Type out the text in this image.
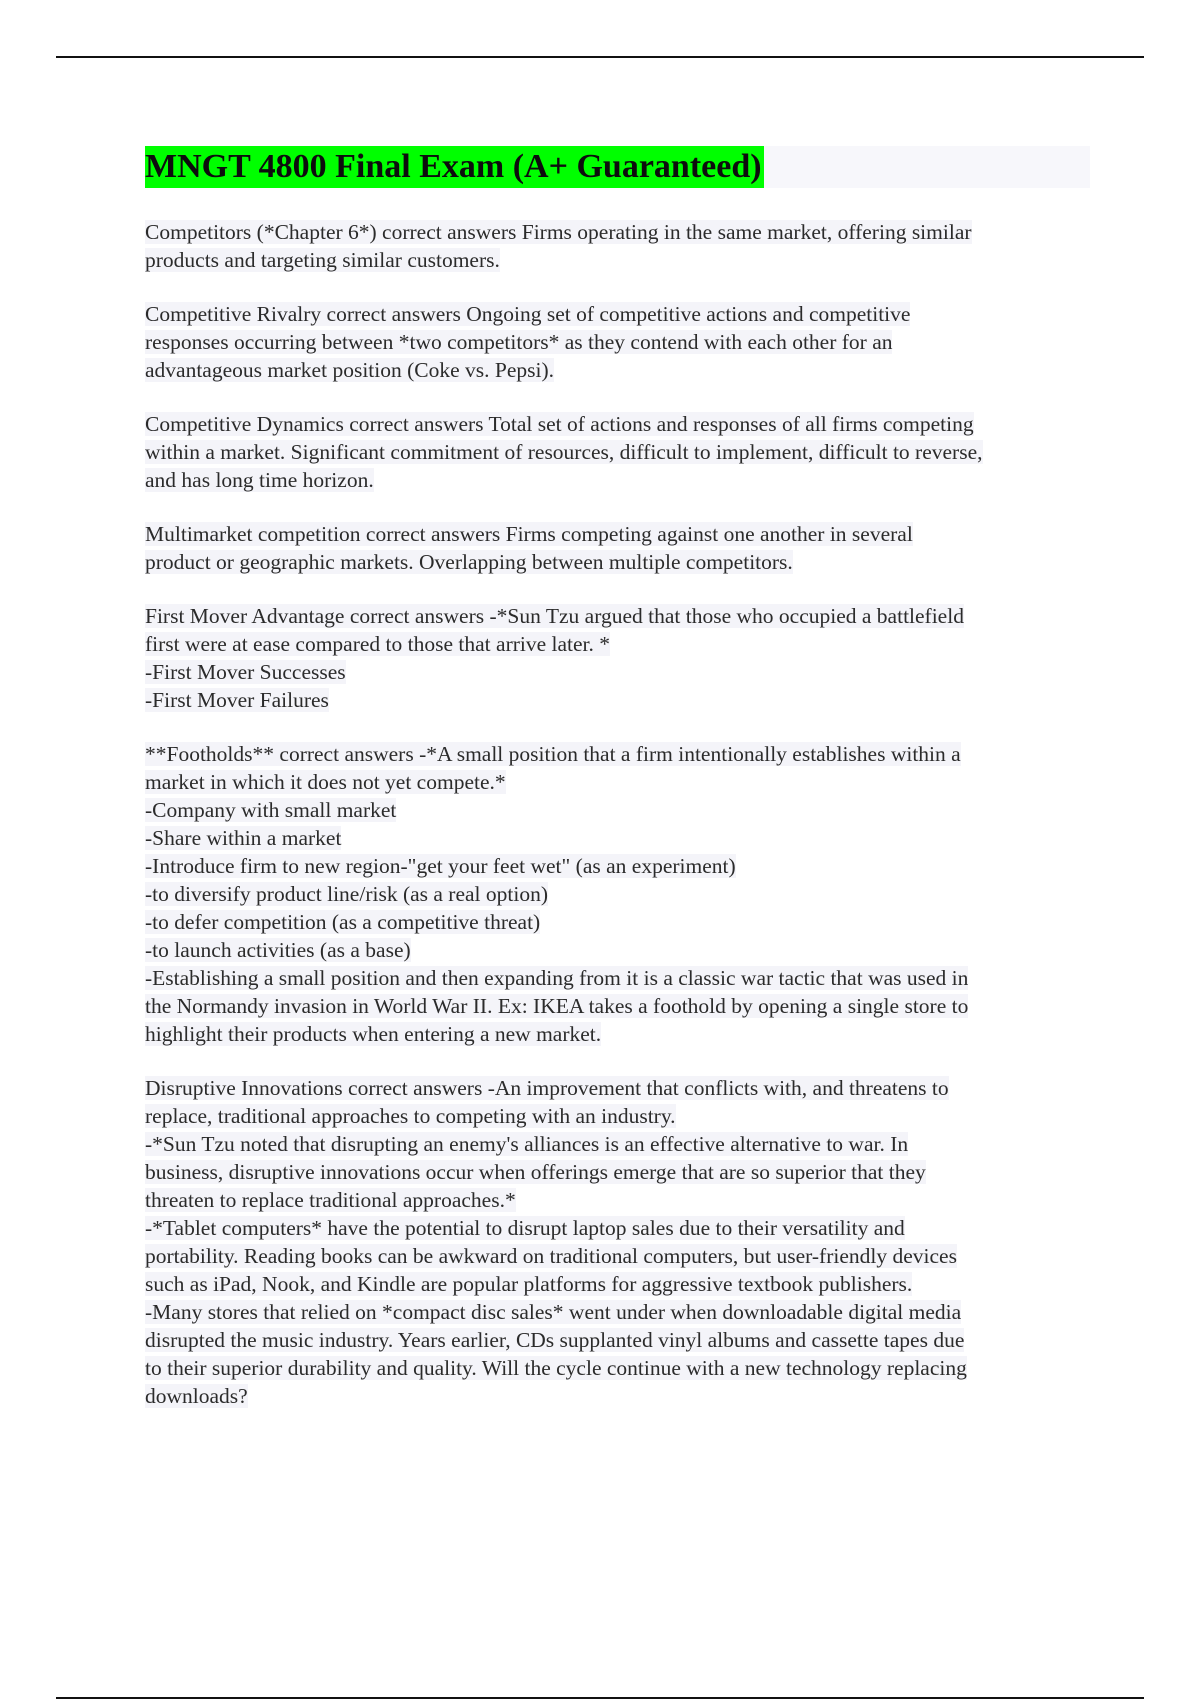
MNGT 4800 Final Exam (A+ Guaranteed)
Competitors (*Chapter 6*) correct answers Firms operating in the same market, offering similar
products and targeting similar customers.
Competitive Rivalry correct answers Ongoing set of competitive actions and competitive
responses occurring between *two competitors* as they contend with each other for an
advantageous market position (Coke vs. Pepsi).
Competitive Dynamics correct answers Total set of actions and responses of all firms competing
within a market. Significant commitment of resources, difficult to implement, difficult to reverse,
and has long time horizon.
Multimarket competition correct answers Firms competing against one another in several
product or geographic markets. Overlapping between multiple competitors.
First Mover Advantage correct answers -*Sun Tzu argued that those who occupied a battlefield
first were at ease compared to those that arrive later. *
-First Mover Successes
-First Mover Failures
**Footholds** correct answers -*A small position that a firm intentionally establishes within a
market in which it does not yet compete.*
-Company with small market
-Share within a market
-Introduce firm to new region-"get your feet wet" (as an experiment)
-to diversify product line/risk (as a real option)
-to defer competition (as a competitive threat)
-to launch activities (as a base)
-Establishing a small position and then expanding from it is a classic war tactic that was used in
the Normandy invasion in World War II. Ex: IKEA takes a foothold by opening a single store to
highlight their products when entering a new market.
Disruptive Innovations correct answers -An improvement that conflicts with, and threatens to
replace, traditional approaches to competing with an industry.
-*Sun Tzu noted that disrupting an enemy's alliances is an effective alternative to war. In
business, disruptive innovations occur when offerings emerge that are so superior that they
threaten to replace traditional approaches.*
-*Tablet computers* have the potential to disrupt laptop sales due to their versatility and
portability. Reading books can be awkward on traditional computers, but user-friendly devices
such as iPad, Nook, and Kindle are popular platforms for aggressive textbook publishers.
-Many stores that relied on *compact disc sales* went under when downloadable digital media
disrupted the music industry. Years earlier, CDs supplanted vinyl albums and cassette tapes due
to their superior durability and quality. Will the cycle continue with a new technology replacing
downloads?
